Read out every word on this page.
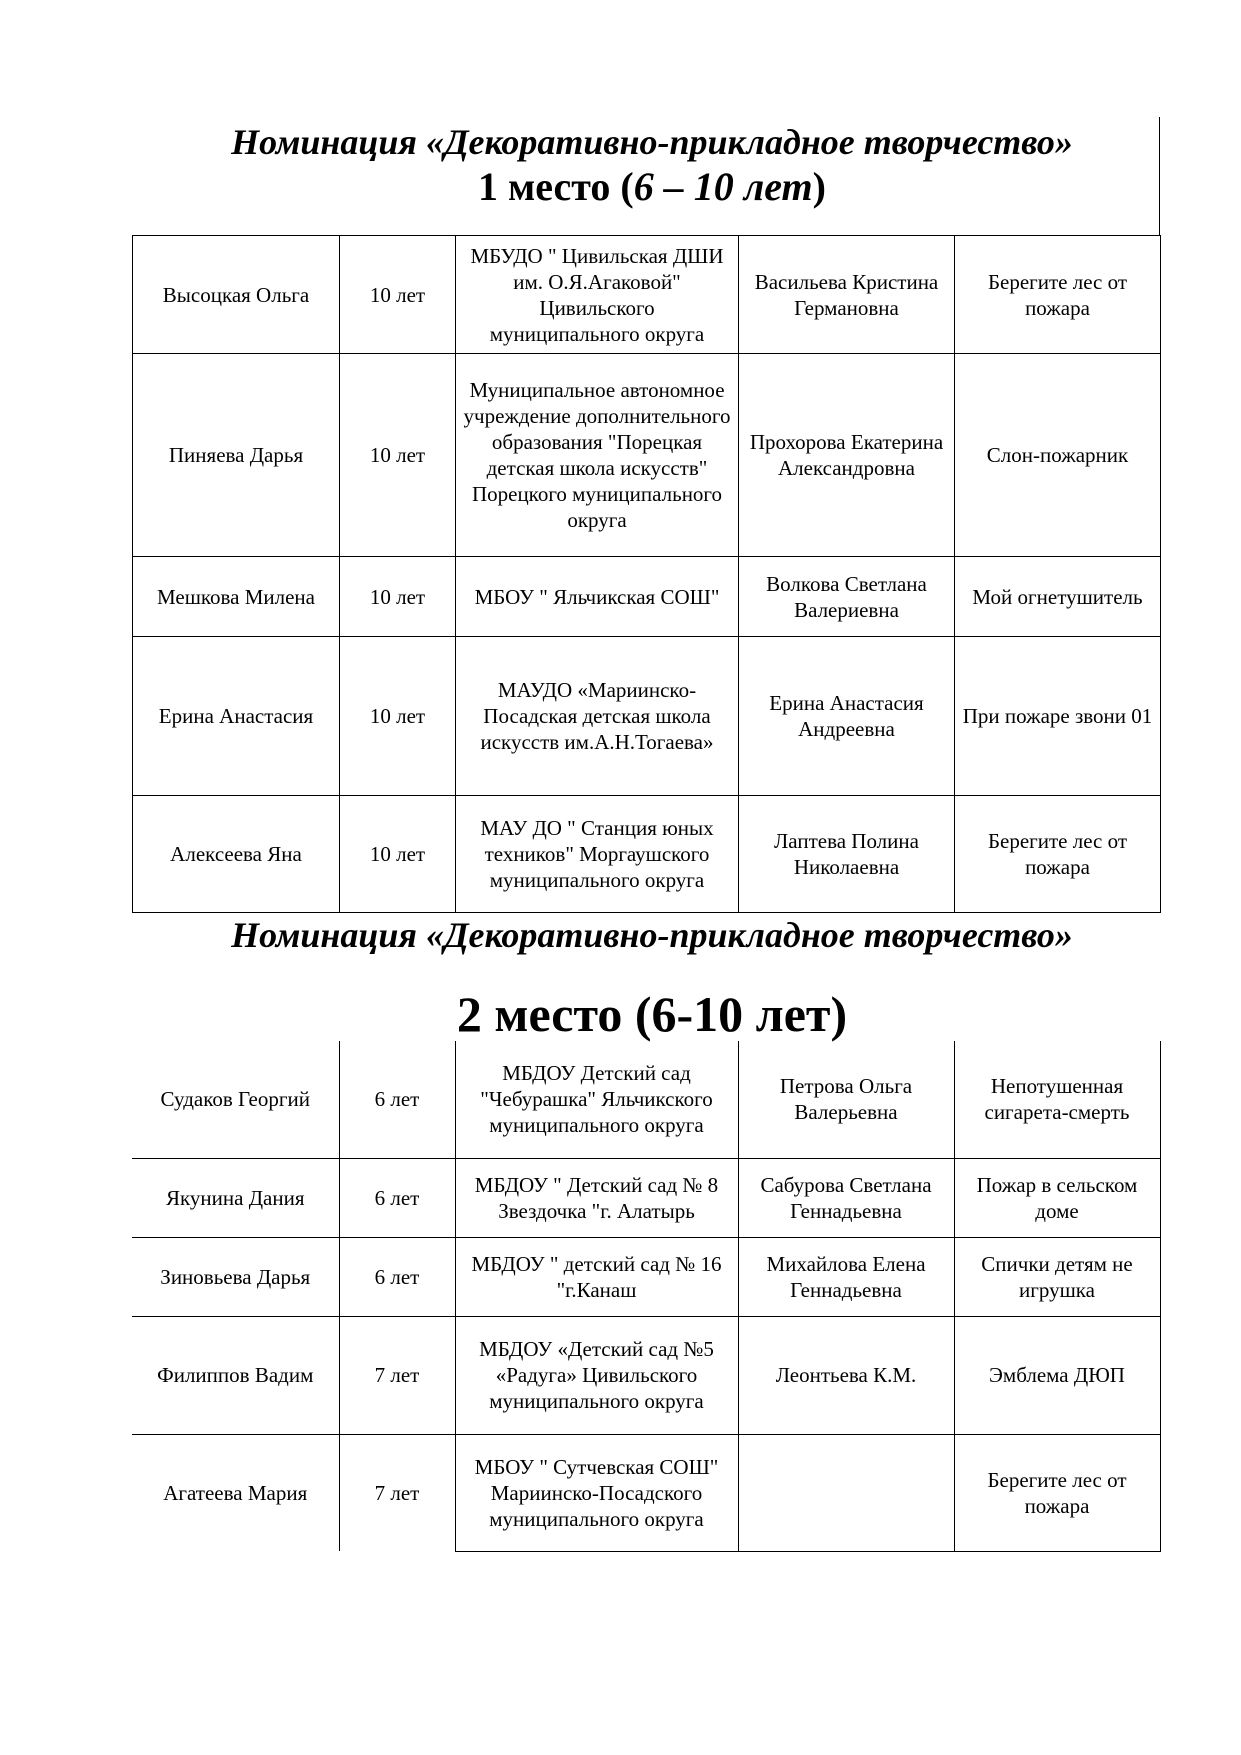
Номинация «Декоративно-прикладное творчество»
1 место (6 – 10 лет)
Высоцкая Ольга	10 лет	МБУДО " Цивильская ДШИ им. О.Я.Агаковой" Цивильского муниципального округа	Васильева Кристина Германовна	Берегите лес от пожара
Пиняева Дарья	10 лет	Муниципальное автономное учреждение дополнительного образования "Порецкая детская школа искусств" Порецкого муниципального округа	Прохорова Екатерина Александровна	Слон-пожарник
Мешкова Милена	10 лет	МБОУ " Яльчикская СОШ"	Волкова Светлана Валериевна	Мой огнетушитель
Ерина Анастасия	10 лет	МАУДО «Мариинско-Посадская детская школа искусств им.А.Н.Тогаева»	Ерина Анастасия Андреевна	При пожаре звони 01
Алексеева Яна	10 лет	МАУ ДО " Станция юных техников" Моргаушского муниципального округа	Лаптева Полина Николаевна	Берегите лес от пожара
Номинация «Декоративно-прикладное творчество»
2 место (6-10 лет)
Судаков Георгий	6 лет	МБДОУ Детский сад "Чебурашка" Яльчикского муниципального округа	Петрова Ольга Валерьевна	Непотушенная сигарета-смерть
Якунина Дания	6 лет	МБДОУ " Детский сад № 8 Звездочка "г. Алатырь	Сабурова Светлана Геннадьевна	Пожар в сельском доме
Зиновьева Дарья	6 лет	МБДОУ " детский сад № 16 "г.Канаш	Михайлова Елена Геннадьевна	Спички детям не игрушка
Филиппов Вадим	7 лет	МБДОУ «Детский сад №5 «Радуга» Цивильского муниципального округа	Леонтьева К.М.	Эмблема ДЮП
Агатеева Мария	7 лет	МБОУ " Сутчевская СОШ" Мариинско-Посадского муниципального округа		Берегите лес от пожара
